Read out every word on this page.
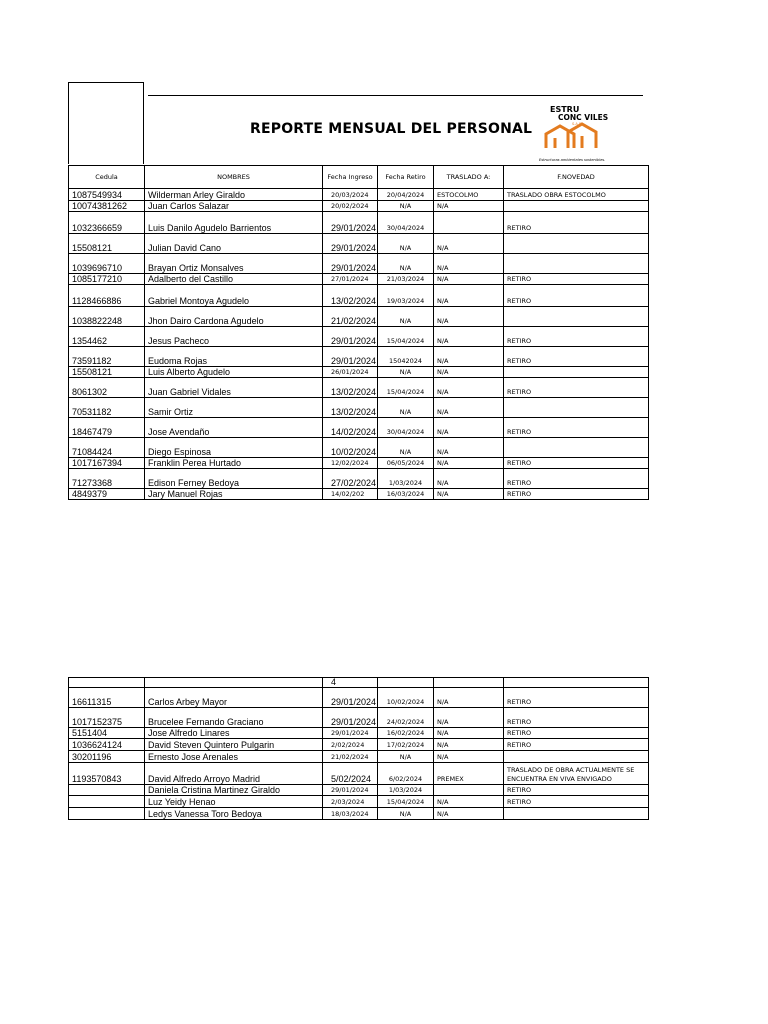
REPORTE MENSUAL DEL PERSONAL
ESTRU
CONC VILES
S.A.S.
Estructuras ambientales sostenibles.
Cedula	NOMBRES	Fecha Ingreso	Fecha Retiro	TRASLADO A:	F.NOVEDAD
1087549934	Wilderman Arley Giraldo	20/03/2024	20/04/2024	ESTOCOLMO	TRASLADO OBRA ESTOCOLMO
10074381262	Juan Carlos Salazar	20/02/2024	N/A	N/A	
1032366659	Luis Danilo Agudelo Barrientos	29/01/2024	30/04/2024		RETIRO
15508121	Julian David Cano	29/01/2024	N/A	N/A	
1039696710	Brayan Ortiz Monsalves	29/01/2024	N/A	N/A	
1085177210	Adalberto del Castillo	27/01/2024	21/03/2024	N/A	RETIRO
1128466886	Gabriel Montoya Agudelo	13/02/2024	19/03/2024	N/A	RETIRO
1038822248	Jhon Dairo Cardona Agudelo	21/02/2024	N/A	N/A	
1354462	Jesus Pacheco	29/01/2024	15/04/2024	N/A	RETIRO
73591182	Eudoma Rojas	29/01/2024	15042024	N/A	RETIRO
15508121	Luis Alberto Agudelo	26/01/2024	N/A	N/A	
8061302	Juan Gabriel Vidales	13/02/2024	15/04/2024	N/A	RETIRO
70531182	Samir Ortiz	13/02/2024	N/A	N/A	
18467479	Jose Avendaño	14/02/2024	30/04/2024	N/A	RETIRO
71084424	Diego Espinosa	10/02/2024	N/A	N/A	
1017167394	Franklin Perea Hurtado	12/02/2024	06/05/2024	N/A	RETIRO
71273368	Edison Ferney Bedoya	27/02/2024	1/03/2024	N/A	RETIRO
4849379	Jary Manuel Rojas	14/02/202	16/03/2024	N/A	RETIRO
		4			
16611315	Carlos Arbey Mayor	29/01/2024	10/02/2024	N/A	RETIRO
1017152375	Brucelee Fernando Graciano	29/01/2024	24/02/2024	N/A	RETIRO
5151404	Jose Alfredo Linares	29/01/2024	16/02/2024	N/A	RETIRO
1036624124	David Steven Quintero Pulgarin	2/02/2024	17/02/2024	N/A	RETIRO
30201196	Ernesto Jose Arenales	21/02/2024	N/A	N/A	
1193570843	David Alfredo Arroyo Madrid	5/02/2024	6/02/2024	PREMEX	TRASLADO DE OBRA ACTUALMENTE SE ENCUENTRA EN VIVA ENVIGADO
	Daniela Cristina Martinez Giraldo	29/01/2024	1/03/2024		RETIRO
	Luz Yeidy Henao	2/03/2024	15/04/2024	N/A	RETIRO
	Ledys Vanessa Toro Bedoya	18/03/2024	N/A	N/A	
